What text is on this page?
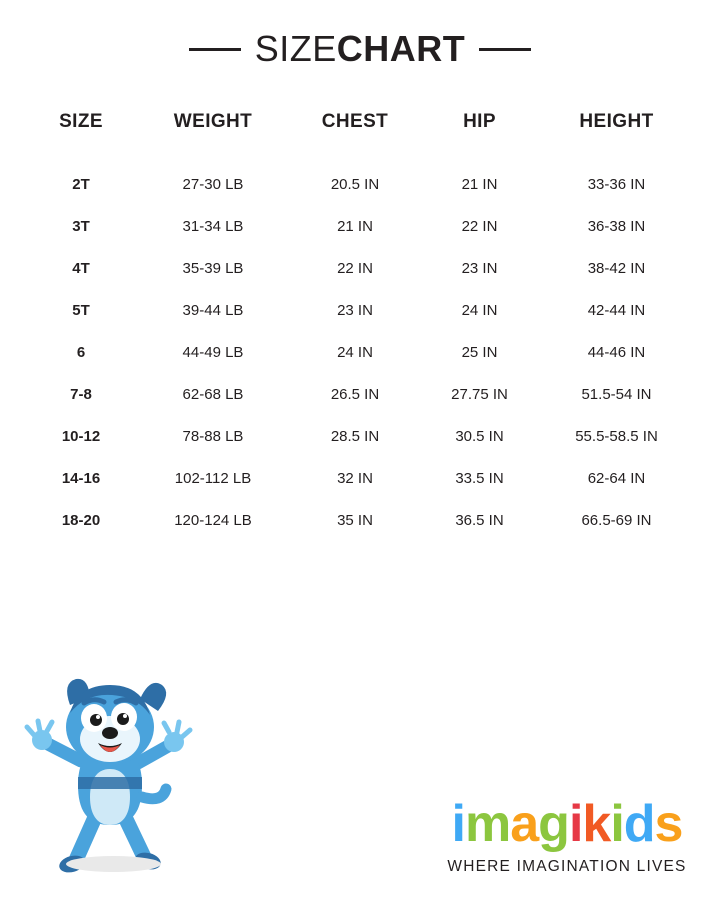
SIZECHART
SIZE	WEIGHT	CHEST	HIP	HEIGHT
2T	27-30 LB	20.5 IN	21 IN	33-36 IN
3T	31-34 LB	21 IN	22 IN	36-38 IN
4T	35-39 LB	22 IN	23 IN	38-42 IN
5T	39-44 LB	23 IN	24 IN	42-44 IN
6	44-49 LB	24 IN	25 IN	44-46 IN
7-8	62-68 LB	26.5 IN	27.75 IN	51.5-54 IN
10-12	78-88 LB	28.5 IN	30.5 IN	55.5-58.5 IN
14-16	102-112 LB	32 IN	33.5 IN	62-64 IN
18-20	120-124 LB	35 IN	36.5 IN	66.5-69 IN
imagikids
WHERE IMAGINATION LIVES
